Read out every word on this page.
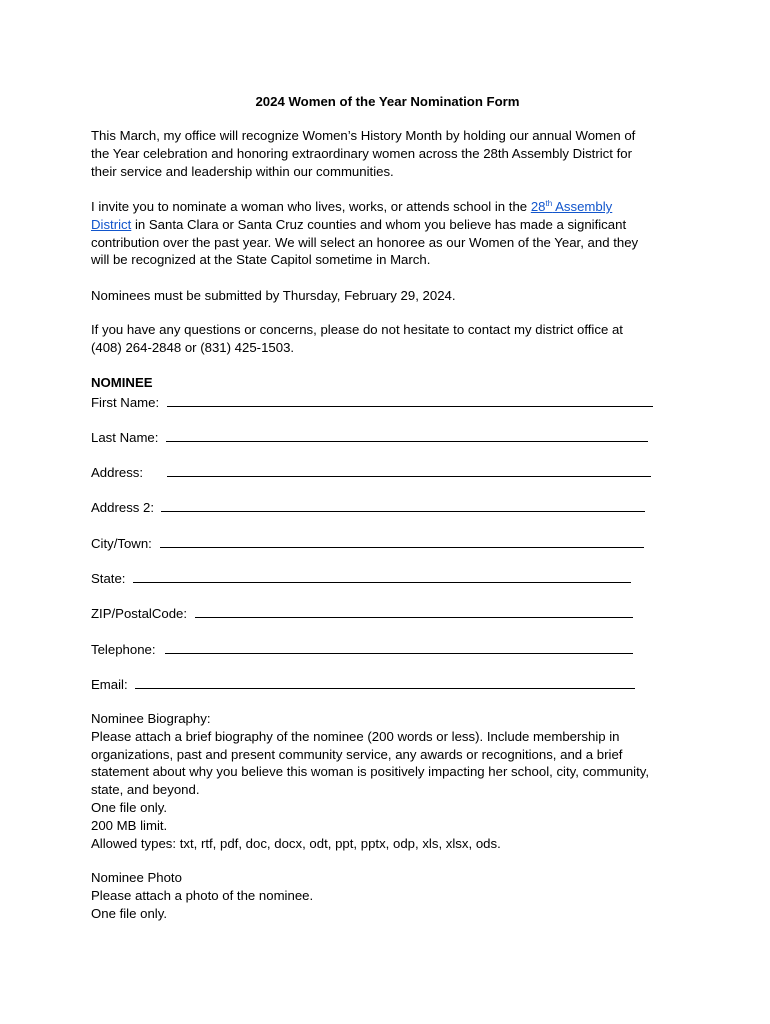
2024 Women of the Year Nomination Form
This March, my office will recognize Women’s History Month by holding our annual Women of
the Year celebration and honoring extraordinary women across the 28th Assembly District for
their service and leadership within our communities.
I invite you to nominate a woman who lives, works, or attends school in the 28th Assembly
District in Santa Clara or Santa Cruz counties and whom you believe has made a significant
contribution over the past year. We will select an honoree as our Women of the Year, and they
will be recognized at the State Capitol sometime in March.
Nominees must be submitted by Thursday, February 29, 2024.
If you have any questions or concerns, please do not hesitate to contact my district office at
(408) 264-2848 or (831) 425-1503.
NOMINEE
First Name:
Last Name:
Address:
Address 2:
City/Town:
State:
ZIP/PostalCode:
Telephone:
Email:
Nominee Biography:
Please attach a brief biography of the nominee (200 words or less). Include membership in
organizations, past and present community service, any awards or recognitions, and a brief
statement about why you believe this woman is positively impacting her school, city, community,
state, and beyond.
One file only.
200 MB limit.
Allowed types: txt, rtf, pdf, doc, docx, odt, ppt, pptx, odp, xls, xlsx, ods.
Nominee Photo
Please attach a photo of the nominee.
One file only.
